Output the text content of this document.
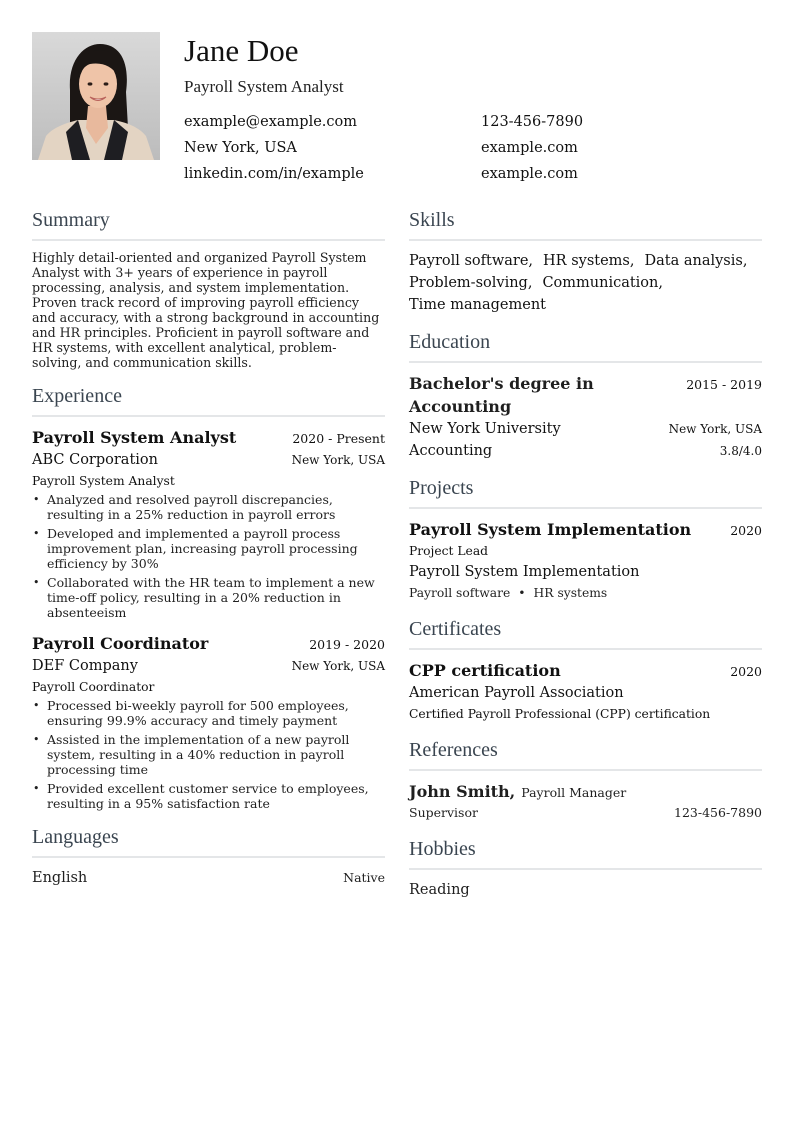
Jane Doe
Payroll System Analyst
example@example.com	123-456-7890
New York, USA	example.com
linkedin.com/in/example	example.com
Summary

Highly detail-oriented and organized Payroll System Analyst with 3+ years of experience in payroll processing, analysis, and system implementation. Proven track record of improving payroll efficiency and accuracy, with a strong background in accounting and HR principles. Proficient in payroll software and HR systems, with excellent analytical, problem-solving, and communication skills.

Experience
Payroll System Analyst	2020 - Present
ABC Corporation	New York, USA
Payroll System Analyst
• Analyzed and resolved payroll discrepancies, resulting in a 25% reduction in payroll errors
• Developed and implemented a payroll process improvement plan, increasing payroll processing efficiency by 30%
• Collaborated with the HR team to implement a new time-off policy, resulting in a 20% reduction in absenteeism
Payroll Coordinator	2019 - 2020
DEF Company	New York, USA
Payroll Coordinator
• Processed bi-weekly payroll for 500 employees, ensuring 99.9% accuracy and timely payment
• Assisted in the implementation of a new payroll system, resulting in a 40% reduction in payroll processing time
• Provided excellent customer service to employees, resulting in a 95% satisfaction rate
Languages
English	Native
Skills
Payroll software, HR systems, Data analysis,
Problem-solving, Communication,
Time management
Education
Bachelor's degree in Accounting
2015 - 2019
New York University	New York, USA
Accounting	3.8/4.0
Projects
Payroll System Implementation	2020
Project Lead
Payroll System Implementation
Payroll software • HR systems
Certificates
CPP certification	2020
American Payroll Association
Certified Payroll Professional (CPP) certification
References
John Smith, Payroll Manager
Supervisor	123-456-7890
Hobbies
Reading
